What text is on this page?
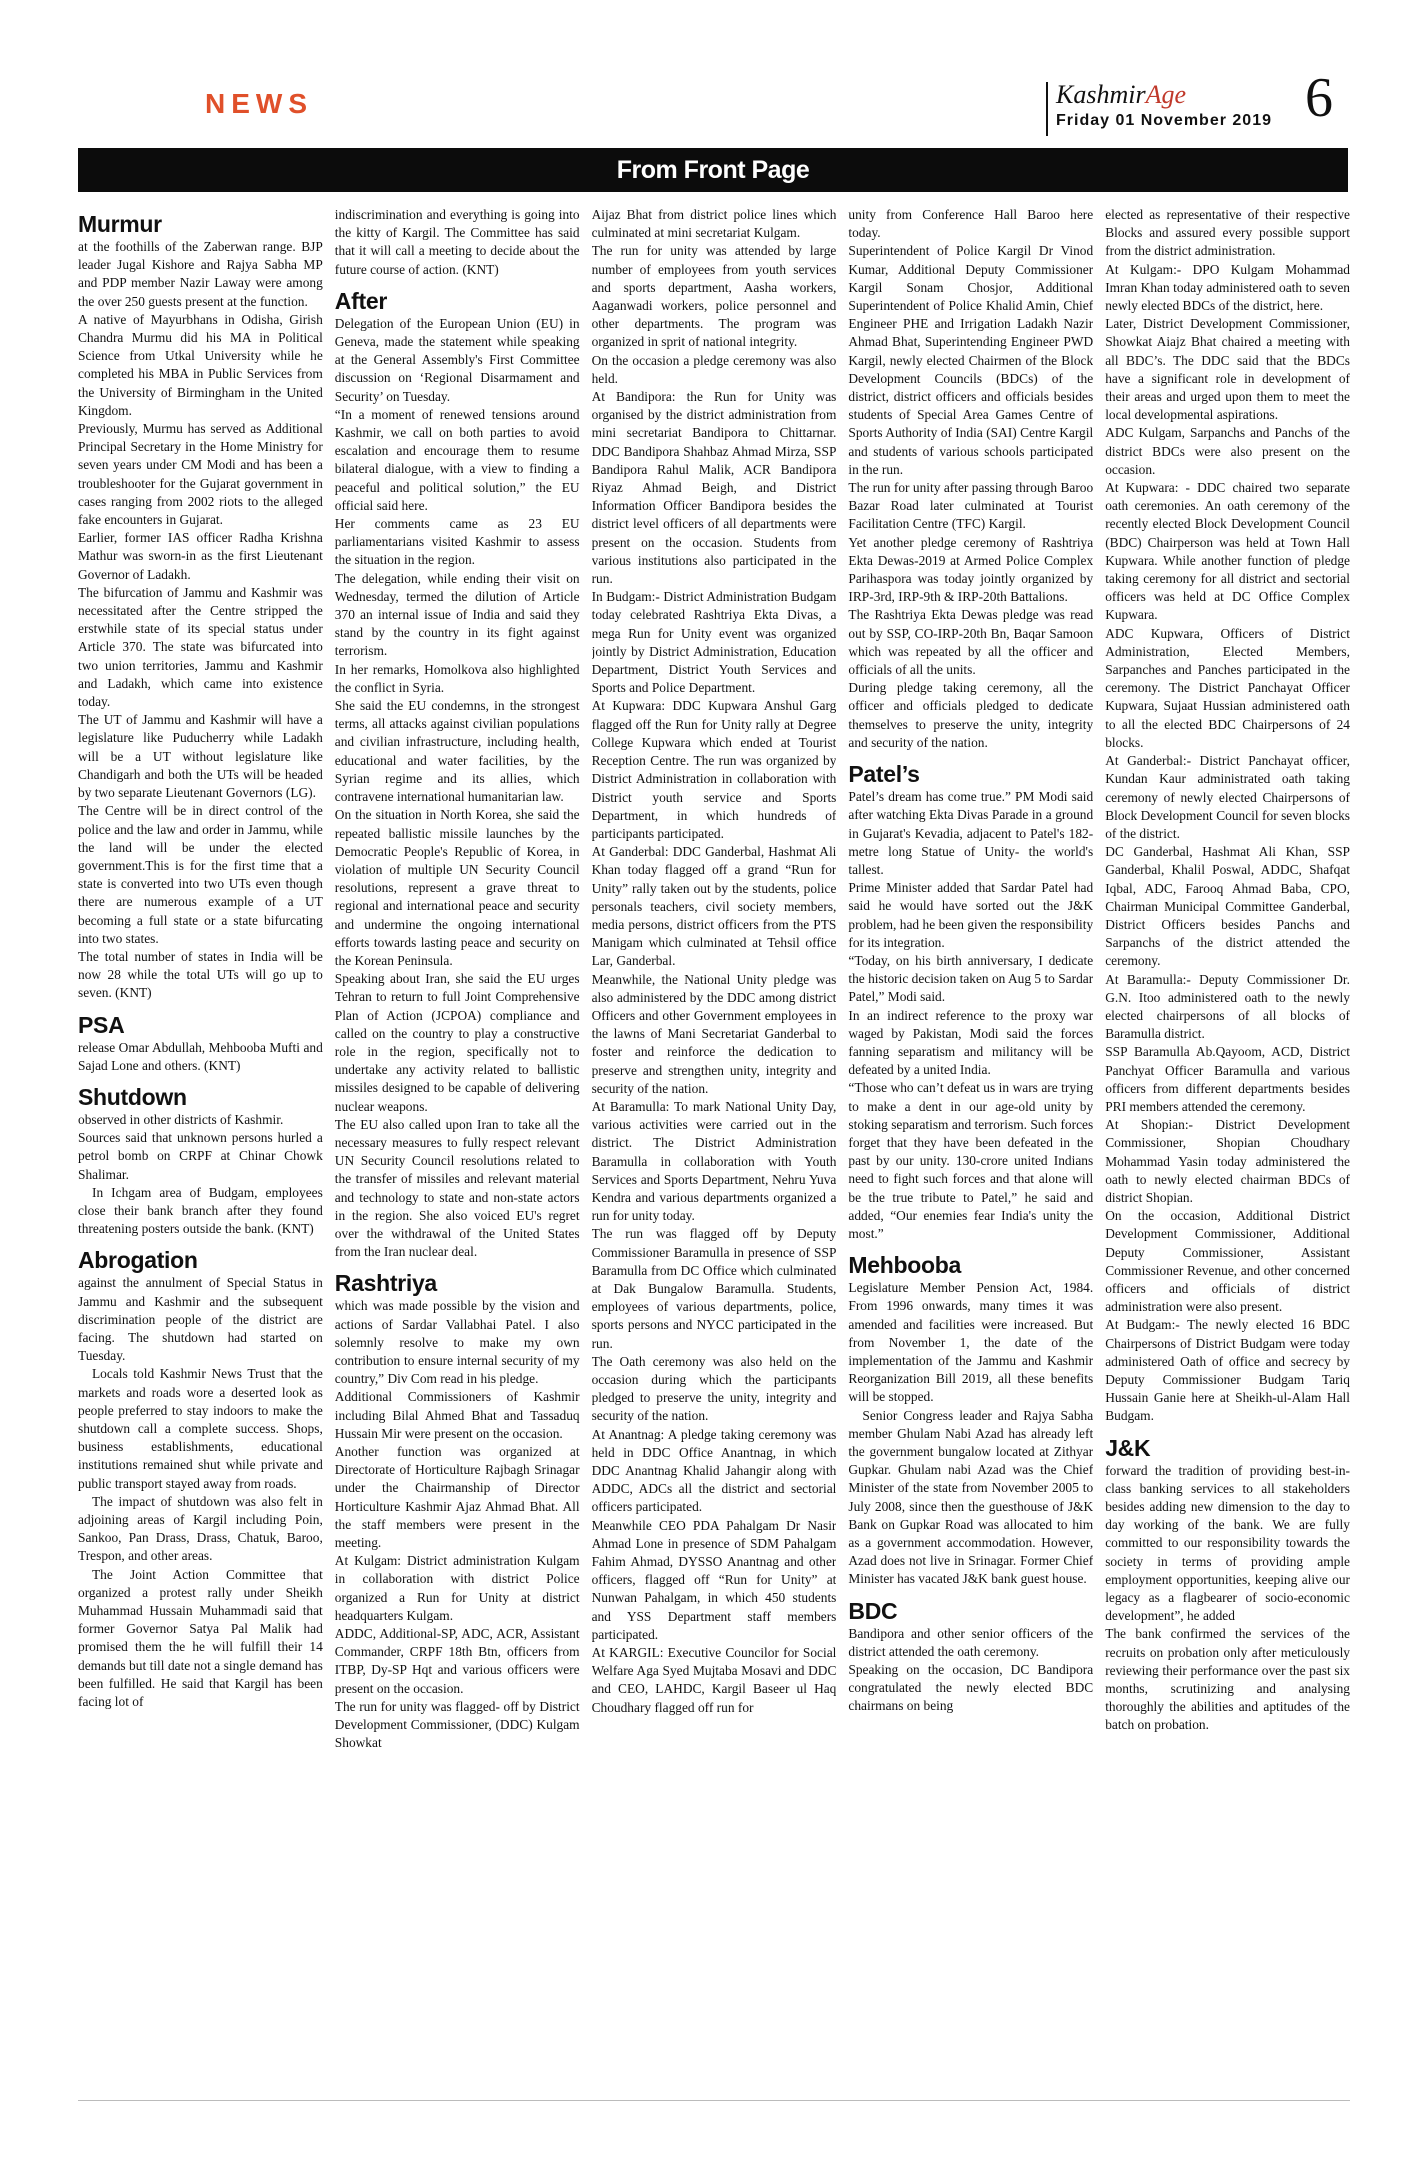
NEWS	KashmirAge
Friday 01 November 2019 6
From Front Page
Murmur

at the foothills of the Zaberwan range. BJP leader Jugal Kishore and Rajya Sabha MP and PDP member Nazir Laway were among the over 250 guests present at the function.

A native of Mayurbhans in Odisha, Girish Chandra Murmu did his MA in Political Science from Utkal University while he completed his MBA in Public Services from the University of Birmingham in the United Kingdom.

Previously, Murmu has served as Additional Principal Secretary in the Home Ministry for seven years under CM Modi and has been a troubleshooter for the Gujarat government in cases ranging from 2002 riots to the alleged fake encounters in Gujarat.

Earlier, former IAS officer Radha Krishna Mathur was sworn-in as the first Lieutenant Governor of Ladakh.

The bifurcation of Jammu and Kashmir was necessitated after the Centre stripped the erstwhile state of its special status under Article 370. The state was bifurcated into two union territories, Jammu and Kashmir and Ladakh, which came into existence today.

The UT of Jammu and Kashmir will have a legislature like Puducherry while Ladakh will be a UT without legislature like Chandigarh and both the UTs will be headed by two separate Lieutenant Governors (LG).

The Centre will be in direct control of the police and the law and order in Jammu, while the land will be under the elected government.This is for the first time that a state is converted into two UTs even though there are numerous example of a UT becoming a full state or a state bifurcating into two states.

The total number of states in India will be now 28 while the total UTs will go up to seven. (KNT)

PSA

release Omar Abdullah, Mehbooba Mufti and Sajad Lone and others. (KNT)

Shutdown

observed in other districts of Kashmir.

Sources said that unknown persons hurled a petrol bomb on CRPF at Chinar Chowk Shalimar.

In Ichgam area of Budgam, employees close their bank branch after they found threatening posters outside the bank. (KNT)

Abrogation

against the annulment of Special Status in Jammu and Kashmir and the subsequent discrimination people of the district are facing. The shutdown had started on Tuesday.

Locals told Kashmir News Trust that the markets and roads wore a deserted look as people preferred to stay indoors to make the shutdown call a complete success. Shops, business establishments, educational institutions remained shut while private and public transport stayed away from roads.

The impact of shutdown was also felt in adjoining areas of Kargil including Poin, Sankoo, Pan Drass, Drass, Chatuk, Baroo, Trespon, and other areas.

The Joint Action Committee that organized a protest rally under Sheikh Muhammad Hussain Muhammadi said that former Governor Satya Pal Malik had promised them the he will fulfill their 14 demands but till date not a single demand has been fulfilled. He said that Kargil has been facing lot of

indiscrimination and everything is going into the kitty of Kargil. The Committee has said that it will call a meeting to decide about the future course of action. (KNT)

After

Delegation of the European Union (EU) in Geneva, made the statement while speaking at the General Assembly's First Committee discussion on ‘Regional Disarmament and Security’ on Tuesday.

“In a moment of renewed tensions around Kashmir, we call on both parties to avoid escalation and encourage them to resume bilateral dialogue, with a view to finding a peaceful and political solution,” the EU official said here.

Her comments came as 23 EU parliamentarians visited Kashmir to assess the situation in the region.

The delegation, while ending their visit on Wednesday, termed the dilution of Article 370 an internal issue of India and said they stand by the country in its fight against terrorism.

In her remarks, Homolkova also highlighted the conflict in Syria.

She said the EU condemns, in the strongest terms, all attacks against civilian populations and civilian infrastructure, including health, educational and water facilities, by the Syrian regime and its allies, which contravene international humanitarian law.

On the situation in North Korea, she said the repeated ballistic missile launches by the Democratic People's Republic of Korea, in violation of multiple UN Security Council resolutions, represent a grave threat to regional and international peace and security and undermine the ongoing international efforts towards lasting peace and security on the Korean Peninsula.

Speaking about Iran, she said the EU urges Tehran to return to full Joint Comprehensive Plan of Action (JCPOA) compliance and called on the country to play a constructive role in the region, specifically not to undertake any activity related to ballistic missiles designed to be capable of delivering nuclear weapons.

The EU also called upon Iran to take all the necessary measures to fully respect relevant UN Security Council resolutions related to the transfer of missiles and relevant material and technology to state and non-state actors in the region. She also voiced EU's regret over the withdrawal of the United States from the Iran nuclear deal.

Rashtriya

which was made possible by the vision and actions of Sardar Vallabhai Patel. I also solemnly resolve to make my own contribution to ensure internal security of my country,” Div Com read in his pledge.

Additional Commissioners of Kashmir including Bilal Ahmed Bhat and Tassaduq Hussain Mir were present on the occasion.

Another function was organized at Directorate of Horticulture Rajbagh Srinagar under the Chairmanship of Director Horticulture Kashmir Ajaz Ahmad Bhat. All the staff members were present in the meeting.

At Kulgam: District administration Kulgam in collaboration with district Police organized a Run for Unity at district headquarters Kulgam.

ADDC, Additional-SP, ADC, ACR, Assistant Commander, CRPF 18th Btn, officers from ITBP, Dy-SP Hqt and various officers were present on the occasion.

The run for unity was flagged- off by District Development Commissioner, (DDC) Kulgam Showkat

Aijaz Bhat from district police lines which culminated at mini secretariat Kulgam.

The run for unity was attended by large number of employees from youth services and sports department, Aasha workers, Aaganwadi workers, police personnel and other departments. The program was organized in sprit of national integrity.

On the occasion a pledge ceremony was also held.

At Bandipora: the Run for Unity was organised by the district administration from mini secretariat Bandipora to Chittarnar. DDC Bandipora Shahbaz Ahmad Mirza, SSP Bandipora Rahul Malik, ACR Bandipora Riyaz Ahmad Beigh, and District Information Officer Bandipora besides the district level officers of all departments were present on the occasion. Students from various institutions also participated in the run.

In Budgam:- District Administration Budgam today celebrated Rashtriya Ekta Divas, a mega Run for Unity event was organized jointly by District Administration, Education Department, District Youth Services and Sports and Police Department.

At Kupwara: DDC Kupwara Anshul Garg flagged off the Run for Unity rally at Degree College Kupwara which ended at Tourist Reception Centre. The run was organized by District Administration in collaboration with District youth service and Sports Department, in which hundreds of participants participated.

At Ganderbal: DDC Ganderbal, Hashmat Ali Khan today flagged off a grand “Run for Unity” rally taken out by the students, police personals teachers, civil society members, media persons, district officers from the PTS Manigam which culminated at Tehsil office Lar, Ganderbal.

Meanwhile, the National Unity pledge was also administered by the DDC among district Officers and other Government employees in the lawns of Mani Secretariat Ganderbal to foster and reinforce the dedication to preserve and strengthen unity, integrity and security of the nation.

At Baramulla: To mark National Unity Day, various activities were carried out in the district. The District Administration Baramulla in collaboration with Youth Services and Sports Department, Nehru Yuva Kendra and various departments organized a run for unity today.

The run was flagged off by Deputy Commissioner Baramulla in presence of SSP Baramulla from DC Office which culminated at Dak Bungalow Baramulla. Students, employees of various departments, police, sports persons and NYCC participated in the run.

The Oath ceremony was also held on the occasion during which the participants pledged to preserve the unity, integrity and security of the nation.

At Anantnag: A pledge taking ceremony was held in DDC Office Anantnag, in which DDC Anantnag Khalid Jahangir along with ADDC, ADCs all the district and sectorial officers participated.

Meanwhile CEO PDA Pahalgam Dr Nasir Ahmad Lone in presence of SDM Pahalgam Fahim Ahmad, DYSSO Anantnag and other officers, flagged off “Run for Unity” at Nunwan Pahalgam, in which 450 students and YSS Department staff members participated.

At KARGIL: Executive Councilor for Social Welfare Aga Syed Mujtaba Mosavi and DDC and CEO, LAHDC, Kargil Baseer ul Haq Choudhary flagged off run for

unity from Conference Hall Baroo here today.

Superintendent of Police Kargil Dr Vinod Kumar, Additional Deputy Commissioner Kargil Sonam Chosjor, Additional Superintendent of Police Khalid Amin, Chief Engineer PHE and Irrigation Ladakh Nazir Ahmad Bhat, Superintending Engineer PWD Kargil, newly elected Chairmen of the Block Development Councils (BDCs) of the district, district officers and officials besides students of Special Area Games Centre of Sports Authority of India (SAI) Centre Kargil and students of various schools participated in the run.

The run for unity after passing through Baroo Bazar Road later culminated at Tourist Facilitation Centre (TFC) Kargil.

Yet another pledge ceremony of Rashtriya Ekta Dewas-2019 at Armed Police Complex Parihaspora was today jointly organized by IRP-3rd, IRP-9th & IRP-20th Battalions.

The Rashtriya Ekta Dewas pledge was read out by SSP, CO-IRP-20th Bn, Baqar Samoon which was repeated by all the officer and officials of all the units.

During pledge taking ceremony, all the officer and officials pledged to dedicate themselves to preserve the unity, integrity and security of the nation.

Patel’s

Patel’s dream has come true.” PM Modi said after watching Ekta Divas Parade in a ground in Gujarat's Kevadia, adjacent to Patel's 182-metre long Statue of Unity- the world's tallest.

Prime Minister added that Sardar Patel had said he would have sorted out the J&K problem, had he been given the responsibility for its integration.

“Today, on his birth anniversary, I dedicate the historic decision taken on Aug 5 to Sardar Patel,” Modi said.

In an indirect reference to the proxy war waged by Pakistan, Modi said the forces fanning separatism and militancy will be defeated by a united India.

“Those who can’t defeat us in wars are trying to make a dent in our age-old unity by stoking separatism and terrorism. Such forces forget that they have been defeated in the past by our unity. 130-crore united Indians need to fight such forces and that alone will be the true tribute to Patel,” he said and added, “Our enemies fear India's unity the most.”

Mehbooba

Legislature Member Pension Act, 1984. From 1996 onwards, many times it was amended and facilities were increased. But from November 1, the date of the implementation of the Jammu and Kashmir Reorganization Bill 2019, all these benefits will be stopped.

Senior Congress leader and Rajya Sabha member Ghulam Nabi Azad has already left the government bungalow located at Zithyar Gupkar. Ghulam nabi Azad was the Chief Minister of the state from November 2005 to July 2008, since then the guesthouse of J&K Bank on Gupkar Road was allocated to him as a government accommodation. However, Azad does not live in Srinagar. Former Chief Minister has vacated J&K bank guest house.

BDC

Bandipora and other senior officers of the district attended the oath ceremony.

Speaking on the occasion, DC Bandipora congratulated the newly elected BDC chairmans on being

elected as representative of their respective Blocks and assured every possible support from the district administration.

At Kulgam:- DPO Kulgam Mohammad Imran Khan today administered oath to seven newly elected BDCs of the district, here.

Later, District Development Commissioner, Showkat Aiajz Bhat chaired a meeting with all BDC’s. The DDC said that the BDCs have a significant role in development of their areas and urged upon them to meet the local developmental aspirations.

ADC Kulgam, Sarpanchs and Panchs of the district BDCs were also present on the occasion.

At Kupwara: - DDC chaired two separate oath ceremonies. An oath ceremony of the recently elected Block Development Council (BDC) Chairperson was held at Town Hall Kupwara. While another function of pledge taking ceremony for all district and sectorial officers was held at DC Office Complex Kupwara.

ADC Kupwara, Officers of District Administration, Elected Members, Sarpanches and Panches participated in the ceremony. The District Panchayat Officer Kupwara, Sujaat Hussian administered oath to all the elected BDC Chairpersons of 24 blocks.

At Ganderbal:- District Panchayat officer, Kundan Kaur administrated oath taking ceremony of newly elected Chairpersons of Block Development Council for seven blocks of the district.

DC Ganderbal, Hashmat Ali Khan, SSP Ganderbal, Khalil Poswal, ADDC, Shafqat Iqbal, ADC, Farooq Ahmad Baba, CPO, Chairman Municipal Committee Ganderbal, District Officers besides Panchs and Sarpanchs of the district attended the ceremony.

At Baramulla:- Deputy Commissioner Dr. G.N. Itoo administered oath to the newly elected chairpersons of all blocks of Baramulla district.

SSP Baramulla Ab.Qayoom, ACD, District Panchyat Officer Baramulla and various officers from different departments besides PRI members attended the ceremony.

At Shopian:- District Development Commissioner, Shopian Choudhary Mohammad Yasin today administered the oath to newly elected chairman BDCs of district Shopian.

On the occasion, Additional District Development Commissioner, Additional Deputy Commissioner, Assistant Commissioner Revenue, and other concerned officers and officials of district administration were also present.

At Budgam:- The newly elected 16 BDC Chairpersons of District Budgam were today administered Oath of office and secrecy by Deputy Commissioner Budgam Tariq Hussain Ganie here at Sheikh-ul-Alam Hall Budgam.

J&K

forward the tradition of providing best-in-class banking services to all stakeholders besides adding new dimension to the day to day working of the bank. We are fully committed to our responsibility towards the society in terms of providing ample employment opportunities, keeping alive our legacy as a flagbearer of socio-economic development”, he added

The bank confirmed the services of the recruits on probation only after meticulously reviewing their performance over the past six months, scrutinizing and analysing thoroughly the abilities and aptitudes of the batch on probation.
